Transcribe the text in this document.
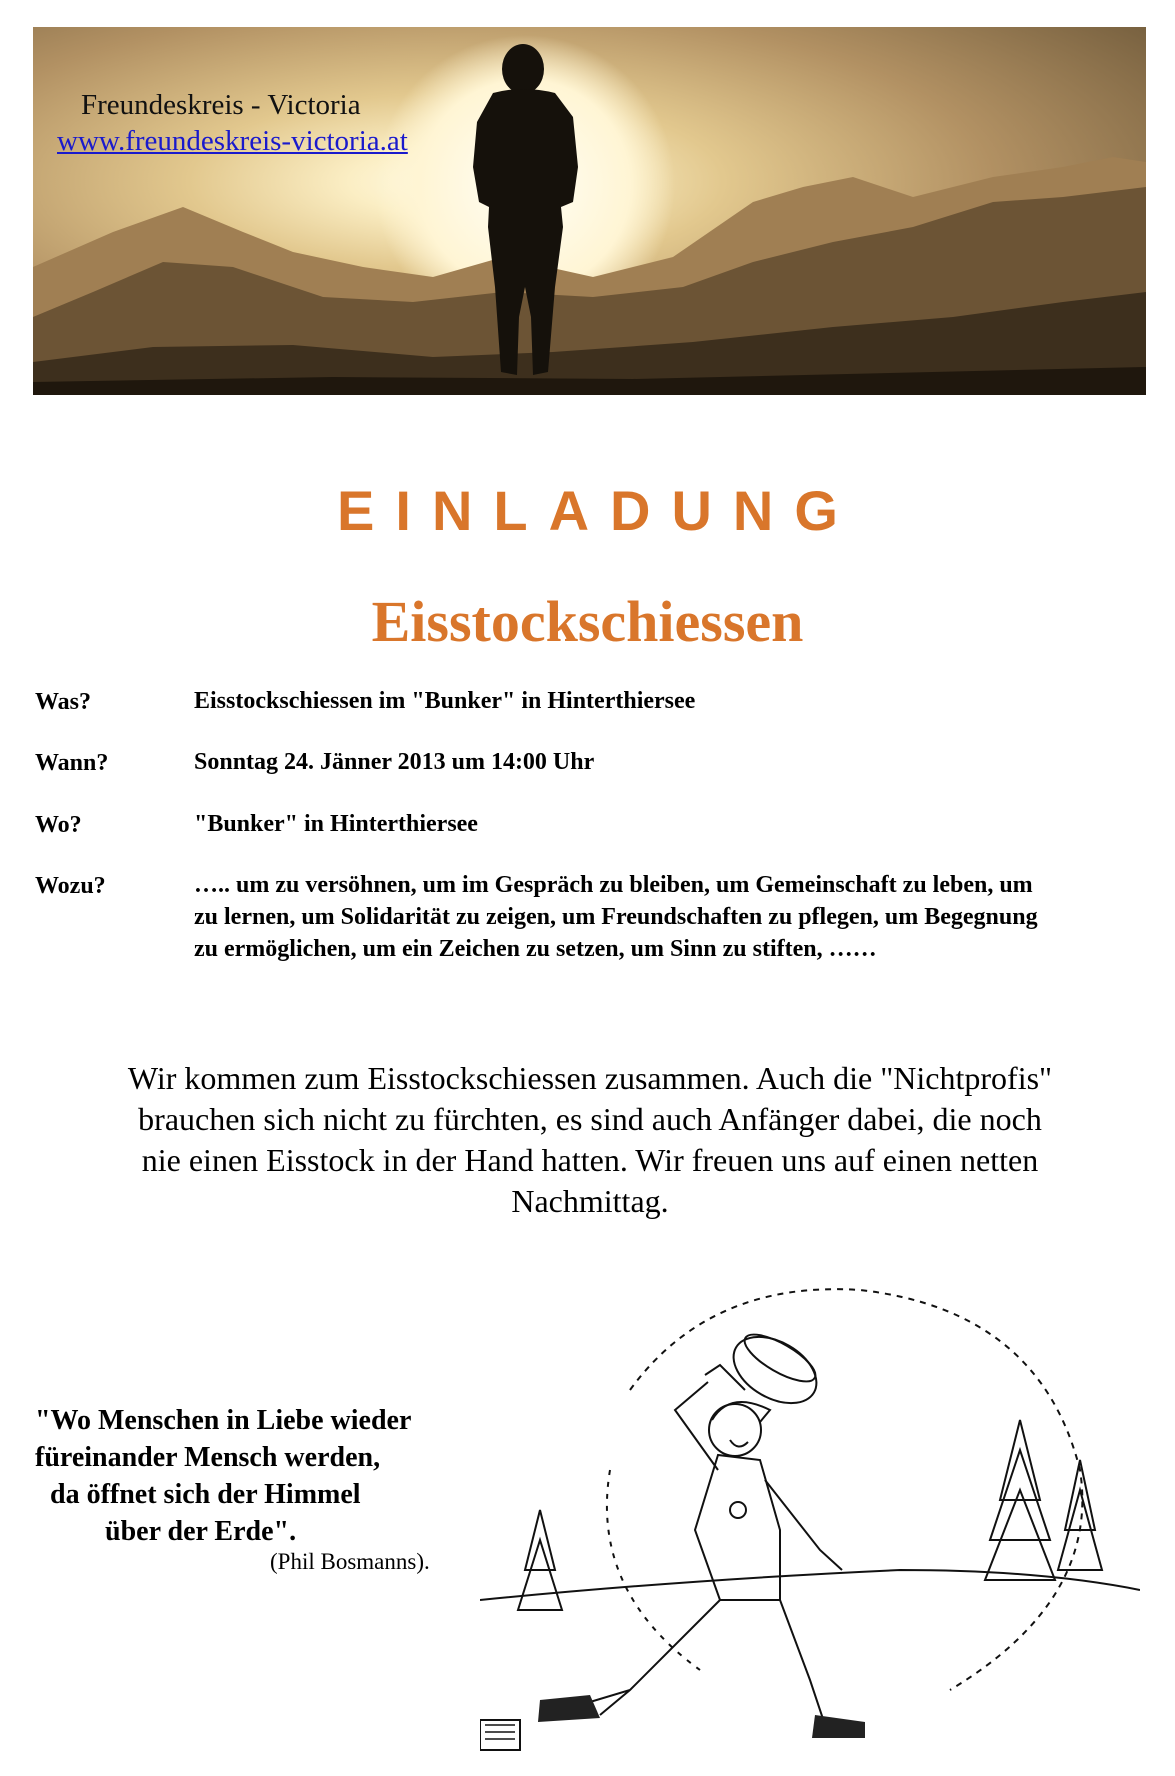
Freundeskreis - Victoria
www.freundeskreis-victoria.at
EINLADUNG
Eisstockschiessen
Was?	Eisstockschiessen im "Bunker" in Hinterthiersee
Wann?	Sonntag 24. Jänner 2013 um 14:00 Uhr
Wo?	"Bunker" in Hinterthiersee
Wozu?	….. um zu versöhnen, um im Gespräch zu bleiben, um Gemeinschaft zu leben, um zu lernen, um Solidarität zu zeigen, um Freundschaften zu pflegen, um Begegnung zu ermöglichen, um ein Zeichen zu setzen, um Sinn zu stiften, ……
Wir kommen zum Eisstockschiessen zusammen. Auch die "Nichtprofis" brauchen sich nicht zu fürchten, es sind auch Anfänger dabei, die noch nie einen Eisstock in der Hand hatten. Wir freuen uns auf einen netten Nachmittag.
"Wo Menschen in Liebe wieder
füreinander Mensch werden,
da öffnet sich der Himmel
über der Erde".
(Phil Bosmanns).
